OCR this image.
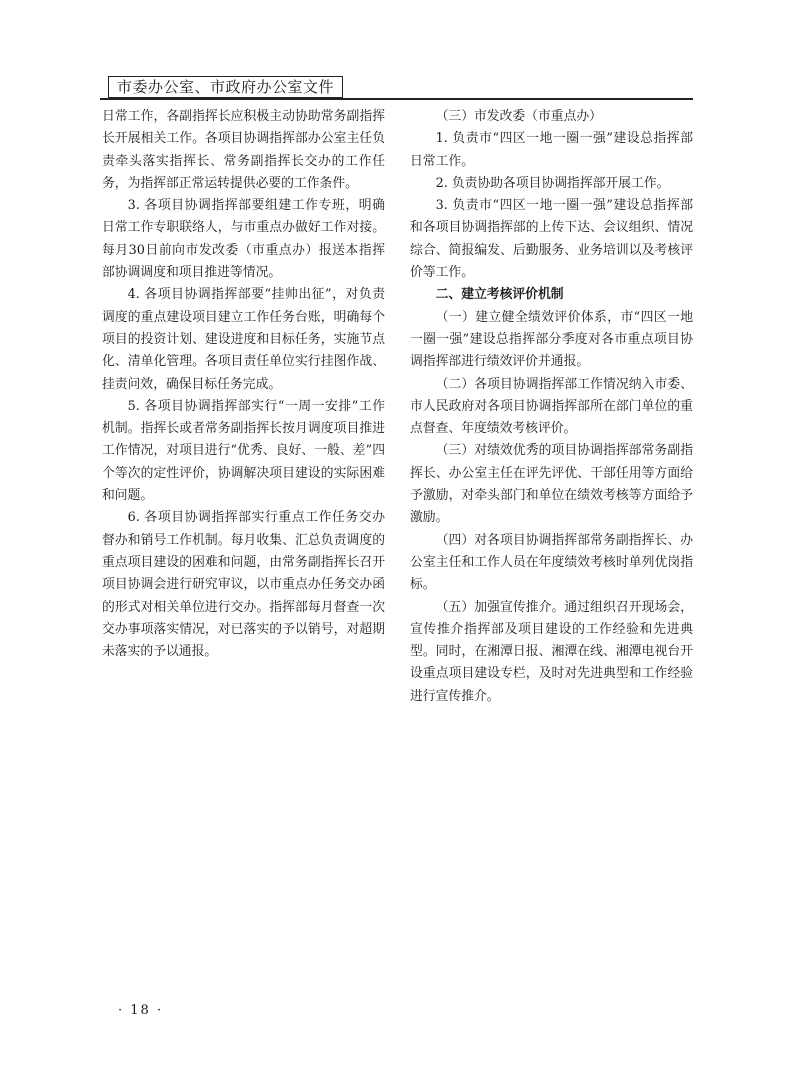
市委办公室、市政府办公室文件

日常工作，各副指挥长应积极主动协助常务副指挥长开展相关工作。各项目协调指挥部办公室主任负责牵头落实指挥长、常务副指挥长交办的工作任务，为指挥部正常运转提供必要的工作条件。

3. 各项目协调指挥部要组建工作专班，明确日常工作专职联络人，与市重点办做好工作对接。每月30日前向市发改委（市重点办）报送本指挥部协调调度和项目推进等情况。

4. 各项目协调指挥部要“挂帅出征”，对负责调度的重点建设项目建立工作任务台账，明确每个项目的投资计划、建设进度和目标任务，实施节点化、清单化管理。各项目责任单位实行挂图作战、挂责问效，确保目标任务完成。

5. 各项目协调指挥部实行“一周一安排”工作机制。指挥长或者常务副指挥长按月调度项目推进工作情况，对项目进行“优秀、良好、一般、差”四个等次的定性评价，协调解决项目建设的实际困难和问题。

6. 各项目协调指挥部实行重点工作任务交办督办和销号工作机制。每月收集、汇总负责调度的重点项目建设的困难和问题，由常务副指挥长召开项目协调会进行研究审议，以市重点办任务交办函的形式对相关单位进行交办。指挥部每月督查一次交办事项落实情况，对已落实的予以销号，对超期未落实的予以通报。

（三）市发改委（市重点办）

1. 负责市“四区一地一圈一强”建设总指挥部日常工作。

2. 负责协助各项目协调指挥部开展工作。

3. 负责市“四区一地一圈一强”建设总指挥部和各项目协调指挥部的上传下达、会议组织、情况综合、简报编发、后勤服务、业务培训以及考核评价等工作。

二、建立考核评价机制

（一）建立健全绩效评价体系，市“四区一地一圈一强”建设总指挥部分季度对各市重点项目协调指挥部进行绩效评价并通报。

（二）各项目协调指挥部工作情况纳入市委、市人民政府对各项目协调指挥部所在部门单位的重点督查、年度绩效考核评价。

（三）对绩效优秀的项目协调指挥部常务副指挥长、办公室主任在评先评优、干部任用等方面给予激励，对牵头部门和单位在绩效考核等方面给予激励。

（四）对各项目协调指挥部常务副指挥长、办公室主任和工作人员在年度绩效考核时单列优岗指标。

（五）加强宣传推介。通过组织召开现场会，宣传推介指挥部及项目建设的工作经验和先进典型。同时，在湘潭日报、湘潭在线、湘潭电视台开设重点项目建设专栏，及时对先进典型和工作经验进行宣传推介。

· 18 ·
